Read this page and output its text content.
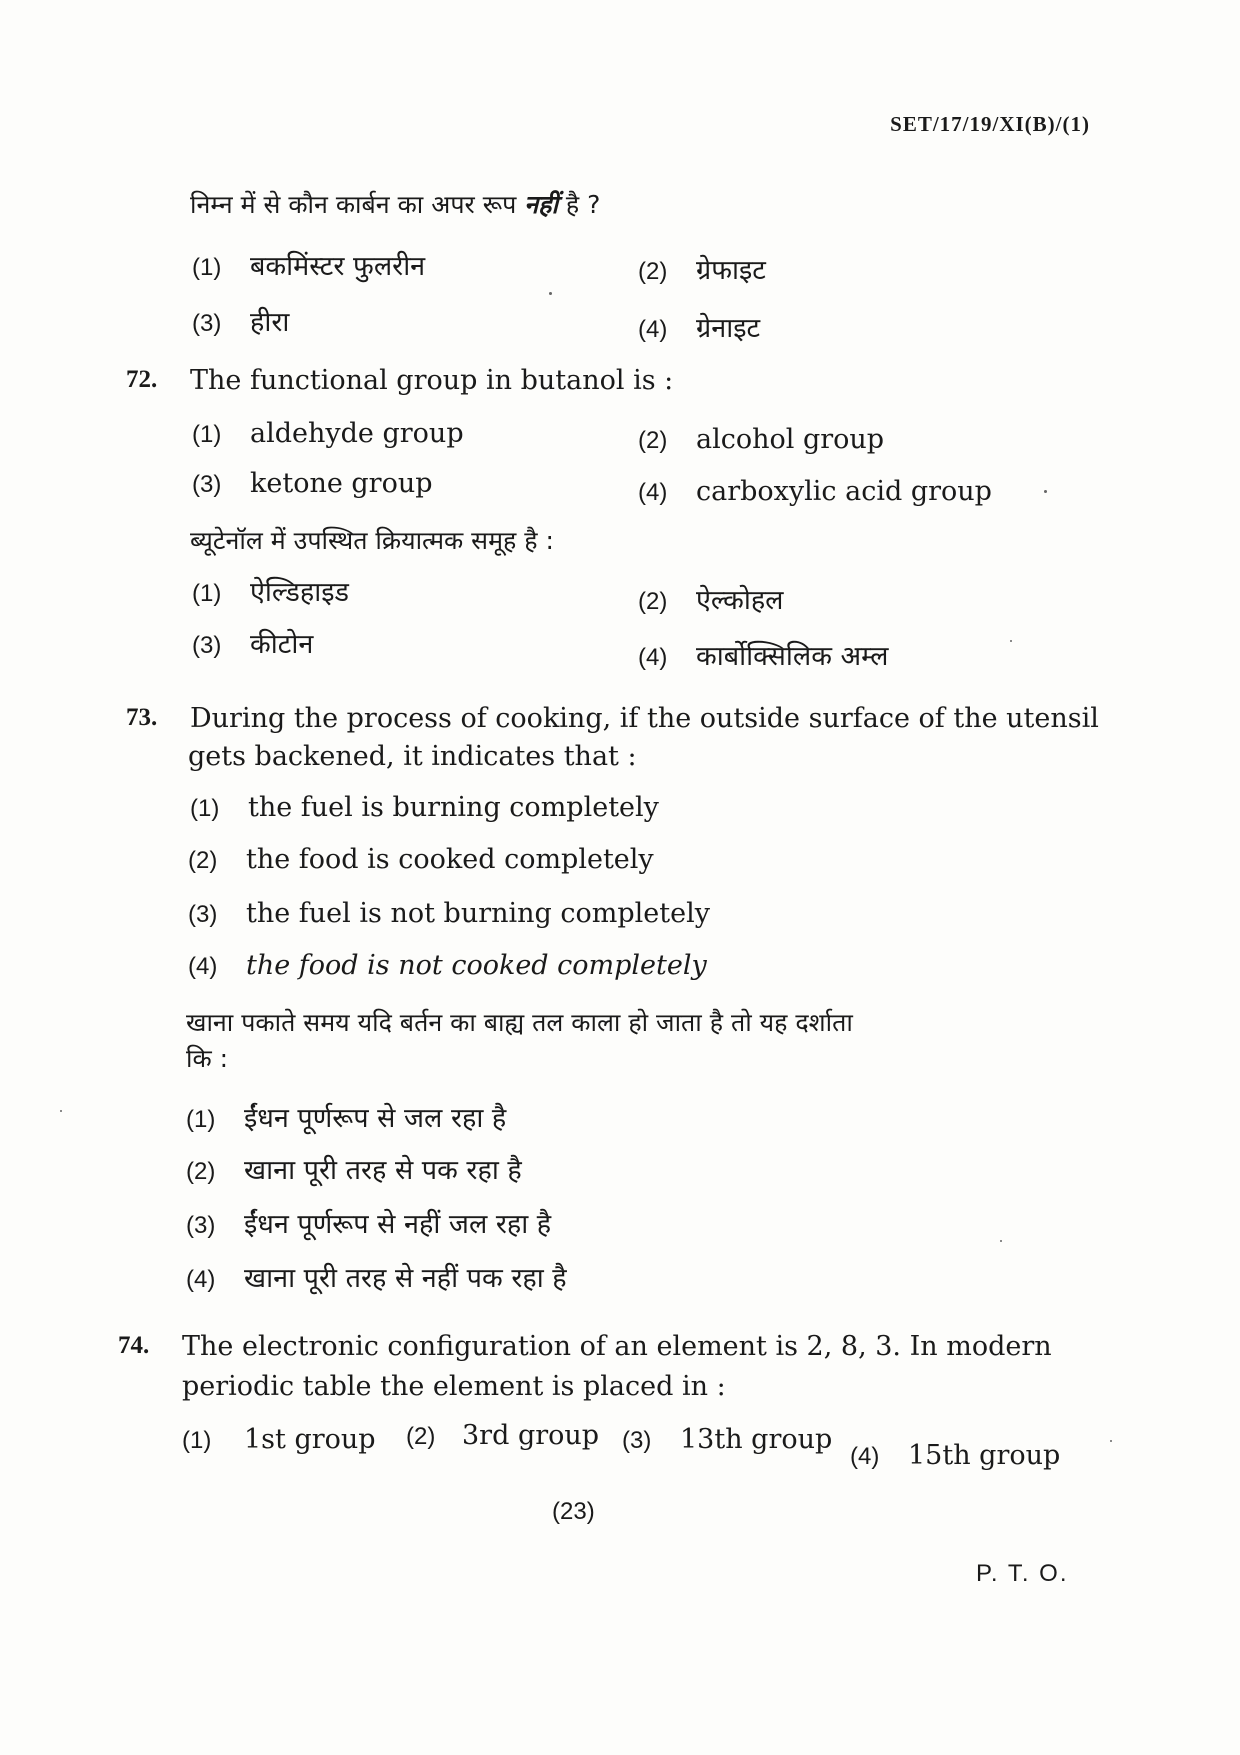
SET/17/19/XI(B)/(1)
निम्न में से कौन कार्बन का अपर रूप नहीं है ?
(1) बकमिंस्टर फुलरीन	(2) ग्रेफाइट
(3) हीरा	(4) ग्रेनाइट
72. The functional group in butanol is :
(1) aldehyde group	(2) alcohol group
(3) ketone group	(4) carboxylic acid group
ब्यूटेनॉल में उपस्थित क्रियात्मक समूह है :
(1) ऐल्डिहाइड	(2) ऐल्कोहल
(3) कीटोन	(4) कार्बोक्सिलिक अम्ल
73. During the process of cooking, if the outside surface of the utensil
gets backened, it indicates that :
(1) the fuel is burning completely
(2) the food is cooked completely
(3) the fuel is not burning completely
(4) the food is not cooked completely
खाना पकाते समय यदि बर्तन का बाह्य तल काला हो जाता है तो यह दर्शाता
कि :
(1) ईंधन पूर्णरूप से जल रहा है
(2) खाना पूरी तरह से पक रहा है
(3) ईंधन पूर्णरूप से नहीं जल रहा है
(4) खाना पूरी तरह से नहीं पक रहा है
74. The electronic configuration of an element is 2, 8, 3. In modern
periodic table the element is placed in :
(1) 1st group (2) 3rd group (3) 13th group
(4) 15th group
(23)
P. T. O.
